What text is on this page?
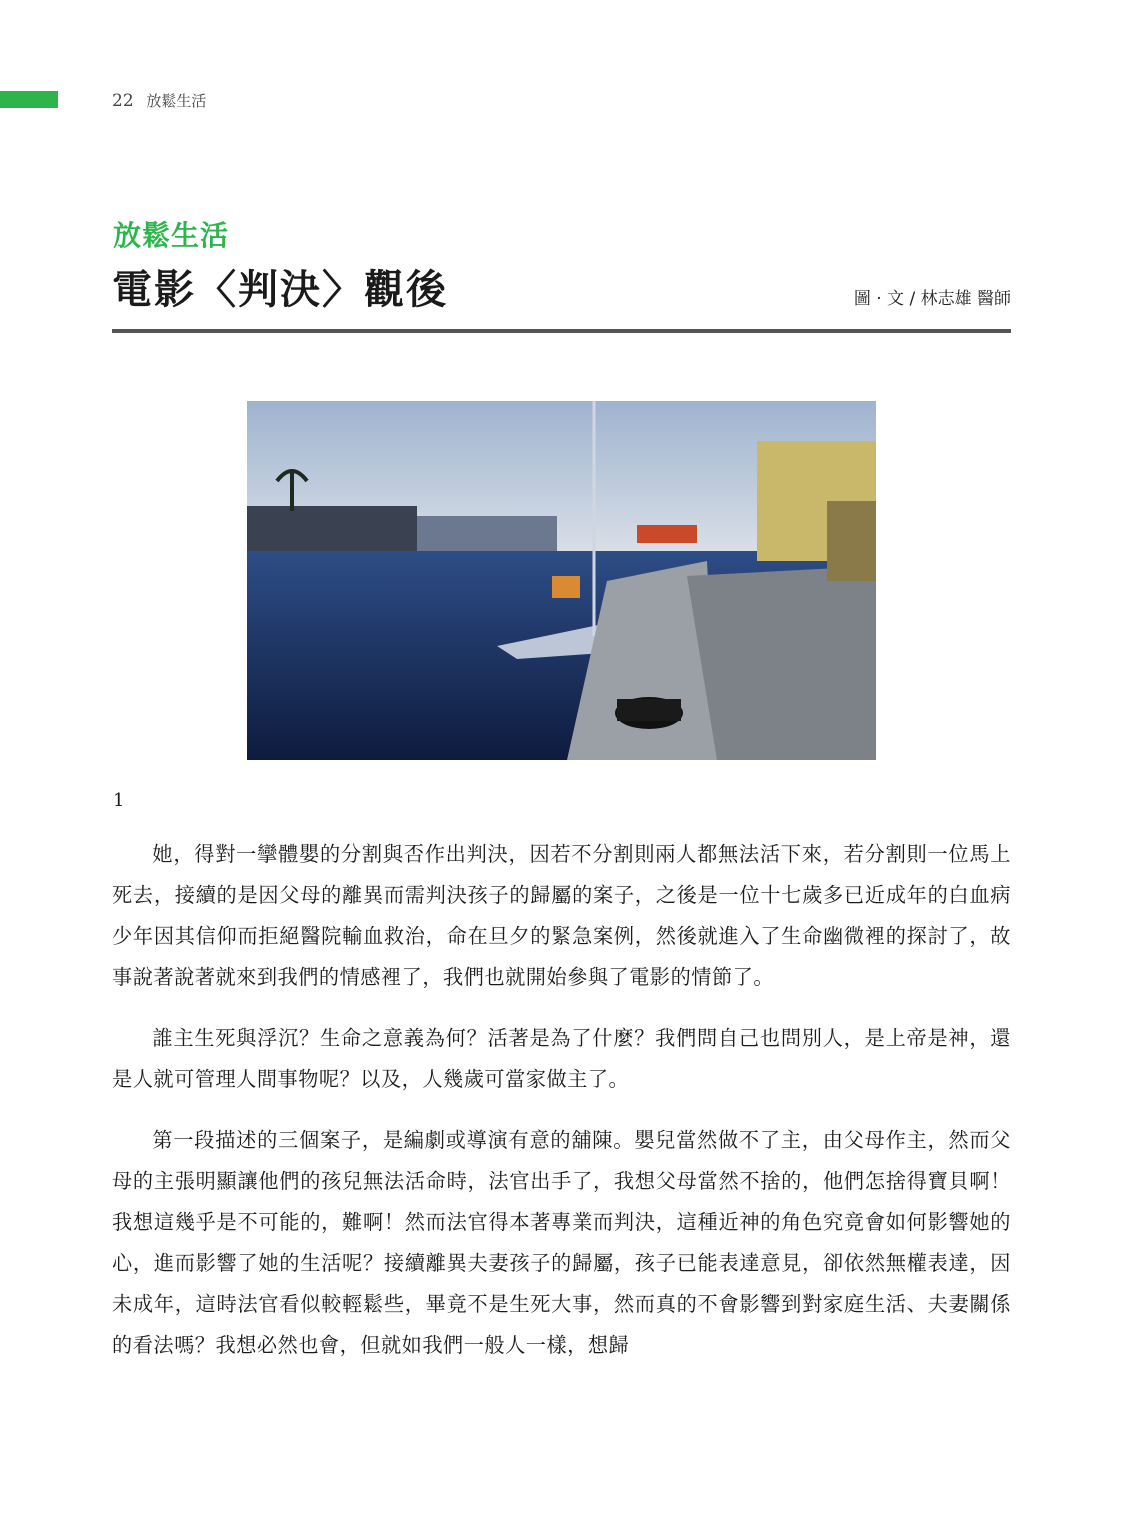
22 放鬆生活
放鬆生活
電影〈判決〉觀後	圖 · 文 / 林志雄 醫師
1

她，得對一攣體嬰的分割與否作出判決，因若不分割則兩人都無法活下來，若分割則一位馬上死去，接續的是因父母的離異而需判決孩子的歸屬的案子，之後是一位十七歲多已近成年的白血病少年因其信仰而拒絕醫院輸血救治，命在旦夕的緊急案例，然後就進入了生命幽微裡的探討了，故事說著說著就來到我們的情感裡了，我們也就開始參與了電影的情節了。

誰主生死與浮沉？生命之意義為何？活著是為了什麼？我們問自己也問別人，是上帝是神，還是人就可管理人間事物呢？以及，人幾歲可當家做主了。

第一段描述的三個案子，是編劇或導演有意的舖陳。嬰兒當然做不了主，由父母作主，然而父母的主張明顯讓他們的孩兒無法活命時，法官出手了，我想父母當然不捨的，他們怎捨得寶貝啊！我想這幾乎是不可能的，難啊！然而法官得本著專業而判決，這種近神的角色究竟會如何影響她的心，進而影響了她的生活呢？接續離異夫妻孩子的歸屬，孩子已能表達意見，卻依然無權表達，因未成年，這時法官看似較輕鬆些，畢竟不是生死大事，然而真的不會影響到對家庭生活、夫妻關係的看法嗎？我想必然也會，但就如我們一般人一樣，想歸
